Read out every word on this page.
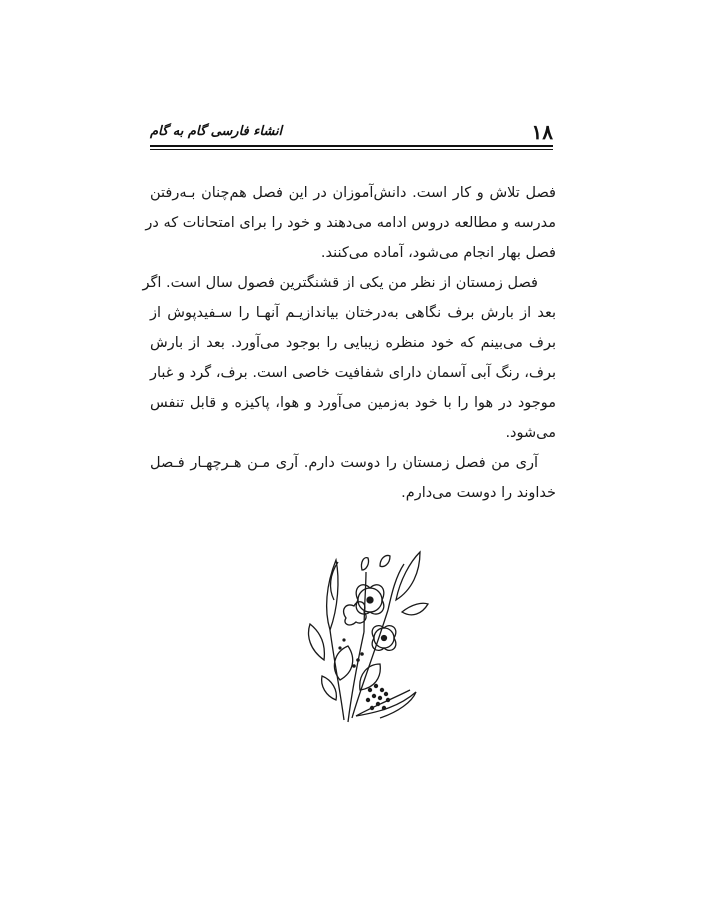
۱۸
انشاء فارسی گام به گام
فصل تلاش و کار است. دانش‌آموزان در این فصل هم‌چنان بـه‌رفتن
مدرسه و مطالعه دروس ادامه می‌دهند و خود را برای امتحانات که در
فصل بهار انجام می‌شود، آماده می‌کنند.
فصل زمستان از نظر من یکی از قشنگترین فصول سال است. اگر
بعد از بارش برف نگاهی به‌درختان بیاندازیـم آنهـا را سـفیدپوش از
برف می‌بینم که خود منظره زیبایی را بوجود می‌آورد. بعد از بارش
برف، رنگ آبی آسمان دارای شفافیت خاصی است. برف، گرد و غبار
موجود در هوا را با خود به‌زمین می‌آورد و هوا، پاکیزه و قابل تنفس
می‌شود.
آری من فصل زمستان را دوست دارم. آری مـن هـرچهـار فـصل
خداوند را دوست می‌دارم.
